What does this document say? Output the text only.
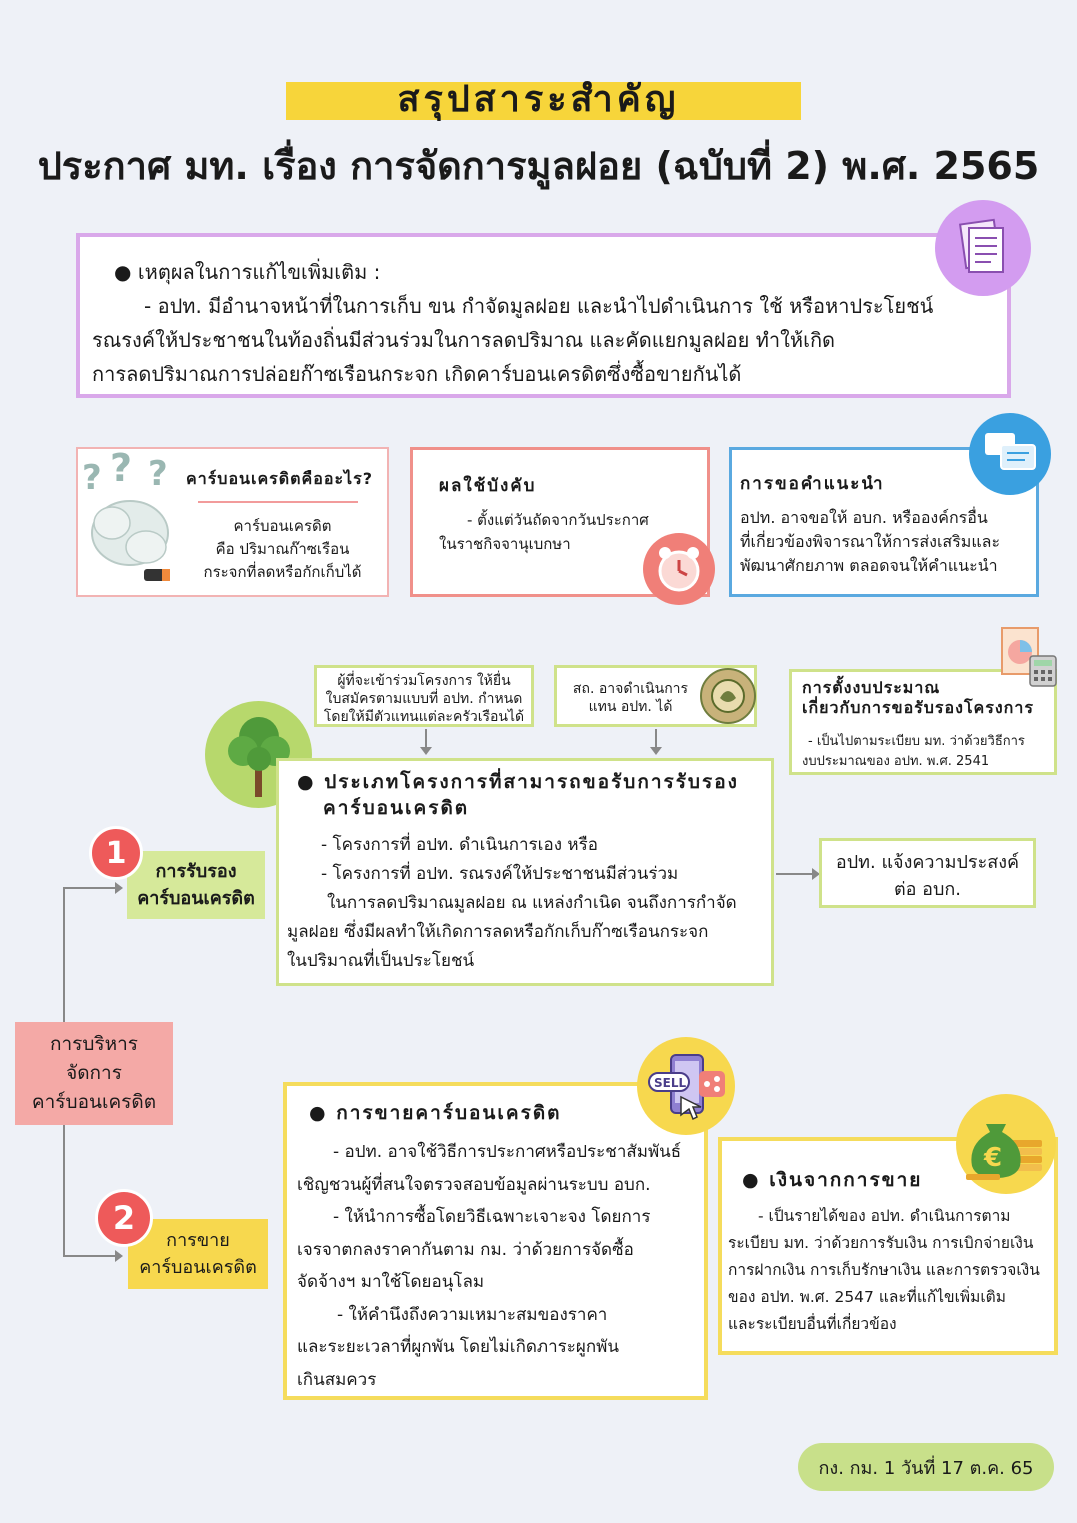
สรุปสาระสำคัญ
ประกาศ มท. เรื่อง การจัดการมูลฝอย (ฉบับที่ 2) พ.ศ. 2565
● เหตุผลในการแก้ไขเพิ่มเติม :
- อปท. มีอำนาจหน้าที่ในการเก็บ ขน กำจัดมูลฝอย และนำไปดำเนินการ ใช้ หรือหาประโยชน์
รณรงค์ให้ประชาชนในท้องถิ่นมีส่วนร่วมในการลดปริมาณ และคัดแยกมูลฝอย ทำให้เกิด
การลดปริมาณการปล่อยก๊าซเรือนกระจก เกิดคาร์บอนเครดิตซึ่งซื้อขายกันได้
? ? ? คาร์บอนเครดิตคืออะไร?
คาร์บอนเครดิต
คือ ปริมาณก๊าซเรือน
กระจกที่ลดหรือกักเก็บได้
ผลใช้บังคับ
- ตั้งแต่วันถัดจากวันประกาศ
ในราชกิจจานุเบกษา
การขอคำแนะนำ
อปท. อาจขอให้ อบก. หรือองค์กรอื่น
ที่เกี่ยวข้องพิจารณาให้การส่งเสริมและ
พัฒนาศักยภาพ ตลอดจนให้คำแนะนำ
ผู้ที่จะเข้าร่วมโครงการ ให้ยื่น
ใบสมัครตามแบบที่ อปท. กำหนด
โดยให้มีตัวแทนแต่ละครัวเรือนได้
สถ. อาจดำเนินการ
แทน อปท. ได้
การตั้งงบประมาณ
เกี่ยวกับการขอรับรองโครงการ
- เป็นไปตามระเบียบ มท. ว่าด้วยวิธีการ
งบประมาณของ อปท. พ.ศ. 2541
● ประเภทโครงการที่สามารถขอรับการรับรอง
คาร์บอนเครดิต
- โครงการที่ อปท. ดำเนินการเอง หรือ
- โครงการที่ อปท. รณรงค์ให้ประชาชนมีส่วนร่วม
ในการลดปริมาณมูลฝอย ณ แหล่งกำเนิด จนถึงการกำจัด
มูลฝอย ซึ่งมีผลทำให้เกิดการลดหรือกักเก็บก๊าซเรือนกระจก
ในปริมาณที่เป็นประโยชน์
อปท. แจ้งความประสงค์
ต่อ อบก.
การรับรอง
คาร์บอนเครดิต
1
การบริหาร
จัดการ
คาร์บอนเครดิต
การขาย
คาร์บอนเครดิต
2
● การขายคาร์บอนเครดิต
- อปท. อาจใช้วิธีการประกาศหรือประชาสัมพันธ์
เชิญชวนผู้ที่สนใจตรวจสอบข้อมูลผ่านระบบ อบก.
- ให้นำการซื้อโดยวิธีเฉพาะเจาะจง โดยการ
เจรจาตกลงราคากันตาม กม. ว่าด้วยการจัดซื้อ
จัดจ้างฯ มาใช้โดยอนุโลม
- ให้คำนึงถึงความเหมาะสมของราคา
และระยะเวลาที่ผูกพัน โดยไม่เกิดภาระผูกพัน
เกินสมควร
SELL
● เงินจากการขาย
- เป็นรายได้ของ อปท. ดำเนินการตาม
ระเบียบ มท. ว่าด้วยการรับเงิน การเบิกจ่ายเงิน
การฝากเงิน การเก็บรักษาเงิน และการตรวจเงิน
ของ อปท. พ.ศ. 2547 และที่แก้ไขเพิ่มเติม
และระเบียบอื่นที่เกี่ยวข้อง
€
กง. กม. 1 วันที่ 17 ต.ค. 65
